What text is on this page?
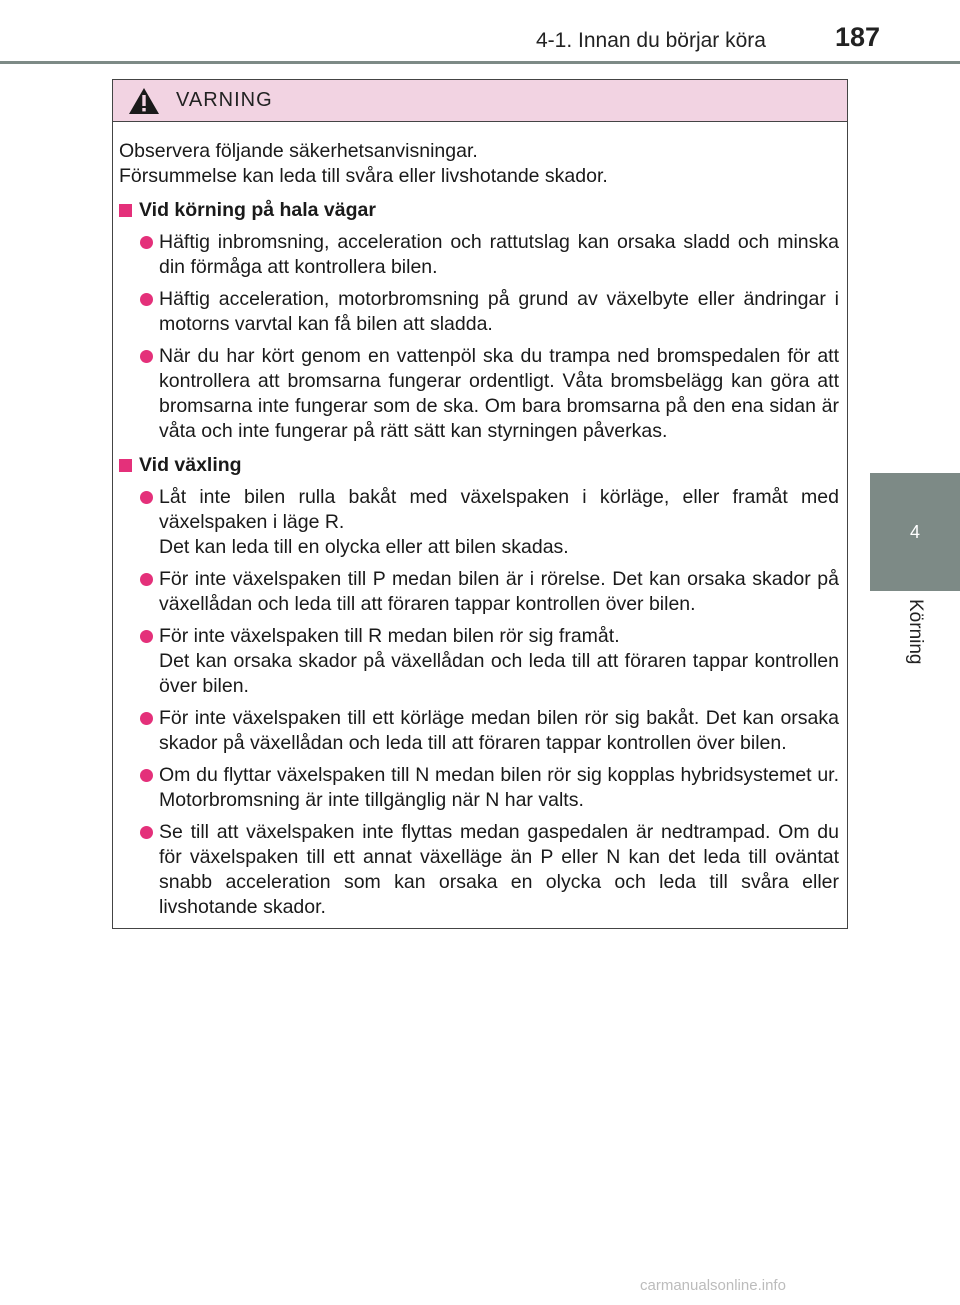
4-1. Innan du börjar köra	187
4
Körning
VARNING

Observera följande säkerhetsanvisningar.

Försummelse kan leda till svåra eller livshotande skador.

Vid körning på hala vägar

Häftig inbromsning, acceleration och rattutslag kan orsaka sladd och minska din förmåga att kontrollera bilen.

Häftig acceleration, motorbromsning på grund av växelbyte eller ändringar i motorns varvtal kan få bilen att sladda.

När du har kört genom en vattenpöl ska du trampa ned bromspedalen för att kontrollera att bromsarna fungerar ordentligt. Våta bromsbelägg kan göra att bromsarna inte fungerar som de ska. Om bara bromsarna på den ena sidan är våta och inte fungerar på rätt sätt kan styrningen påverkas.

Vid växling

Låt inte bilen rulla bakåt med växelspaken i körläge, eller framåt med växelspaken i läge R.

Det kan leda till en olycka eller att bilen skadas.

För inte växelspaken till P medan bilen är i rörelse. Det kan orsaka skador på växellådan och leda till att föraren tappar kontrollen över bilen.

För inte växelspaken till R medan bilen rör sig framåt.

Det kan orsaka skador på växellådan och leda till att föraren tappar kontrollen över bilen.

För inte växelspaken till ett körläge medan bilen rör sig bakåt. Det kan orsaka skador på växellådan och leda till att föraren tappar kontrollen över bilen.

Om du flyttar växelspaken till N medan bilen rör sig kopplas hybridsystemet ur. Motorbromsning är inte tillgänglig när N har valts.

Se till att växelspaken inte flyttas medan gaspedalen är nedtrampad. Om du för växelspaken till ett annat växelläge än P eller N kan det leda till oväntat snabb acceleration som kan orsaka en olycka och leda till svåra eller livshotande skador.

carmanualsonline.info
